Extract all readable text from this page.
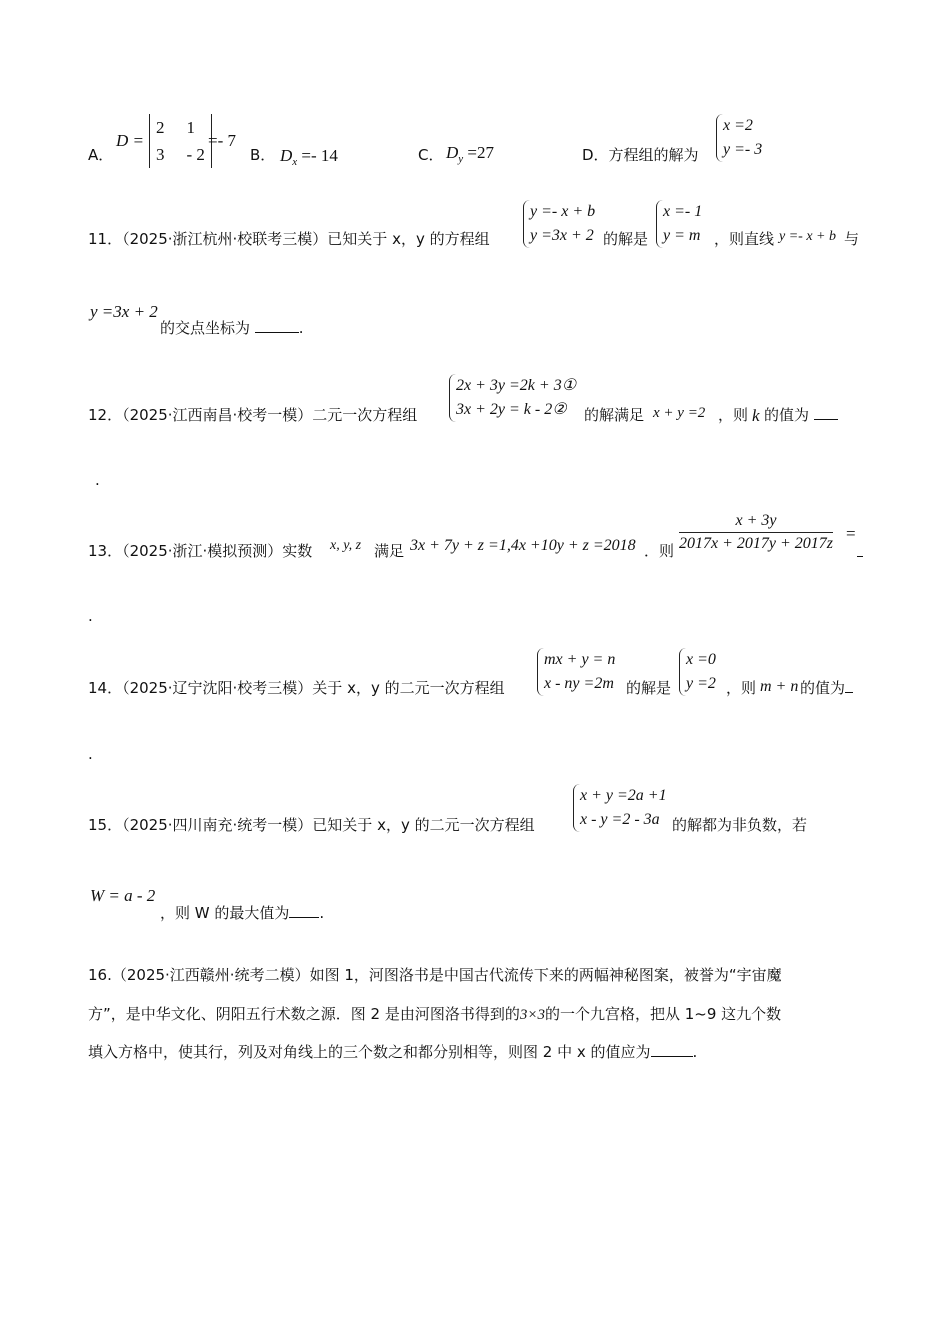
A．
D =
2 1
3 - 2
=- 7
B． $D_x =- 14$	C． $D_y =27$	D．方程组的解为
x =2
y =- 3
11．（2025·浙江杭州·校联考三模）已知关于 x，y 的方程组
y =- x + b
y =3x + 2 的解是
x =- 1
y = m ，则直线 y =- x + b 与
y =3x + 2
的交点坐标为	.
12．（2025·江西南昌·校考一模）二元一次方程组
2x + 3y =2k + 3①
3x + 2y = k - 2②	的解满足 x + y =2 ，则 k 的值为
.
13．（2025·浙江·模拟预测）实数 x, y, z 满足 3x + 7y + z =1,4x +10y + z =2018 ．则 $\frac{x + 3y}{2017x + 2017y + 2017z}$ =
.
14．（2025·辽宁沈阳·校考三模）关于 x，y 的二元一次方程组
mx + y = n
x - ny =2m 的解是
x =0
y =2 ，则 m + n 的值为
.
15．（2025·四川南充·统考一模）已知关于 x，y 的二元一次方程组
x + y =2a +1
x - y =2 - 3a 的解都为非负数，若
W = a - 2
，则 W 的最大值为 .
16.（2025·江西赣州·统考二模）如图 1，河图洛书是中国古代流传下来的两幅神秘图案，被誉为“宇宙魔
方”，是中华文化、阴阳五行术数之源．图 2 是由河图洛书得到的3×3的一个九宫格，把从 1~9 这九个数
填入方格中，使其行，列及对角线上的三个数之和都分别相等，则图 2 中 x 的值应为	.
